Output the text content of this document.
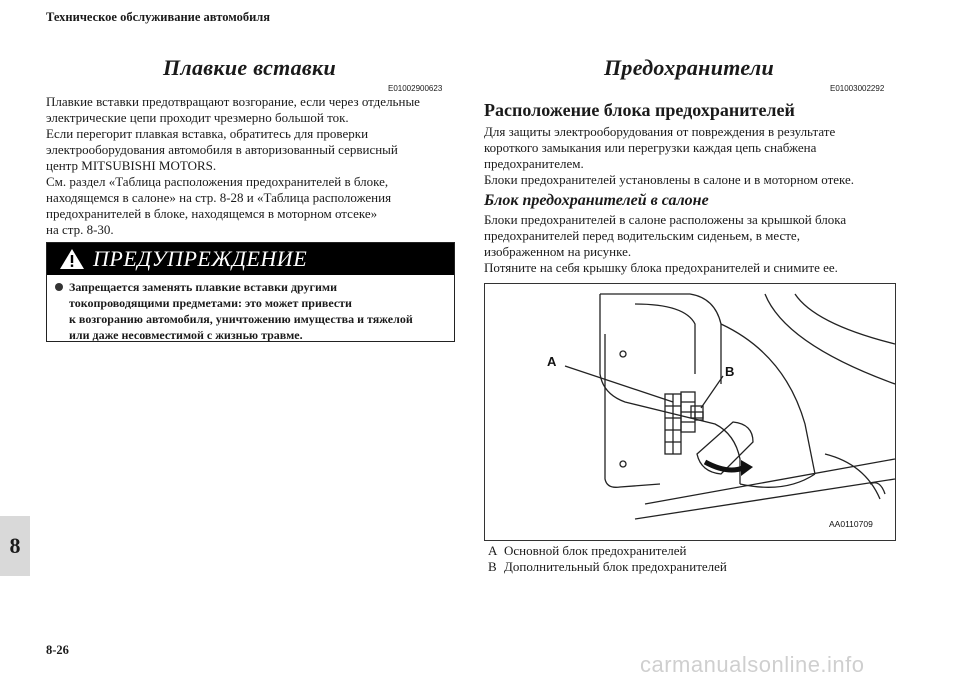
Техническое обслуживание автомобиля
8
8-26
Плавкие вставки
E01002900623

Плавкие вставки предотвращают возгорание, если через отдельные

электрические цепи проходит чрезмерно большой ток.

Если перегорит плавкая вставка, обратитесь для проверки

электрооборудования автомобиля в авторизованный сервисный

центр MITSUBISHI MOTORS.

См. раздел «Таблица расположения предохранителей в блоке,

находящемся в салоне» на стр. 8-28 и «Таблица расположения

предохранителей в блоке, находящемся в моторном отсеке»

на стр. 8-30.

ПРЕДУПРЕЖДЕНИЕ
Запрещается заменять плавкие вставки другими
токопроводящими предметами: это может привести
к возгоранию автомобиля, уничтожению имущества и тяжелой
или даже несовместимой с жизнью травме.
Предохранители
E01003002292
Расположение блока предохранителей

Для защиты электрооборудования от повреждения в результате

короткого замыкания или перегрузки каждая цепь снабжена

предохранителем.

Блоки предохранителей установлены в салоне и в моторном отеке.

Блок предохранителей в салоне

Блоки предохранителей в салоне расположены за крышкой блока

предохранителей перед водительским сиденьем, в месте,

изображенном на рисунке.

Потяните на себя крышку блока предохранителей и снимите ее.

A
B
AA0110709
A Основной блок предохранителей
B Дополнительный блок предохранителей
carmanualsonline.info
